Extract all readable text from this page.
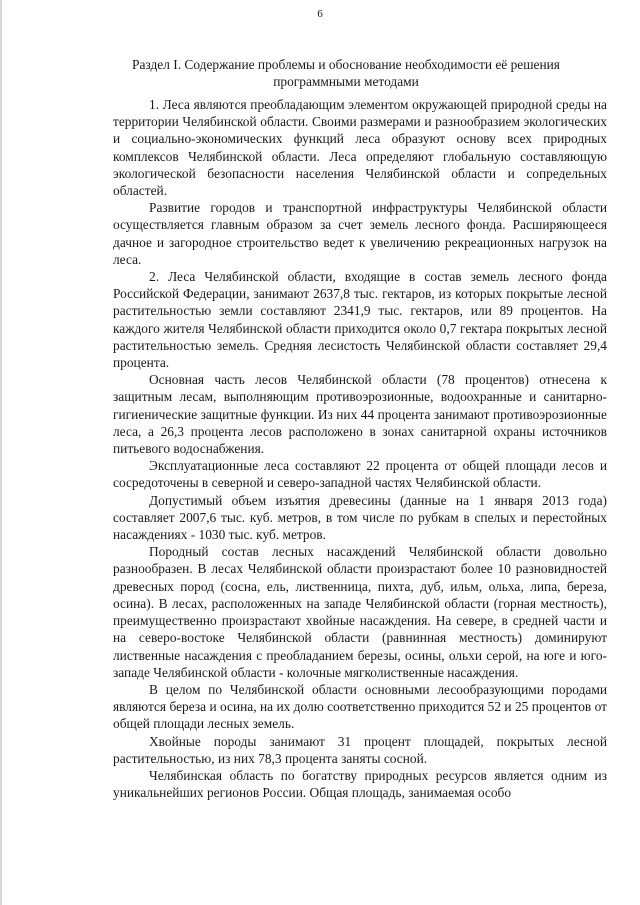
6
Раздел I. Содержание проблемы и обоснование необходимости её решения программными методами

1. Леса являются преобладающим элементом окружающей природной среды на территории Челябинской области. Своими размерами и разнообразием экологических и социально-экономических функций леса образуют основу всех природных комплексов Челябинской области. Леса определяют глобальную составляющую экологической безопасности населения Челябинской области и сопредельных областей.

Развитие городов и транспортной инфраструктуры Челябинской области осуществляется главным образом за счет земель лесного фонда. Расширяющееся дачное и загородное строительство ведет к увеличению рекреационных нагрузок на леса.

2. Леса Челябинской области, входящие в состав земель лесного фонда Российской Федерации, занимают 2637,8 тыс. гектаров, из которых покрытые лесной растительностью земли составляют 2341,9 тыс. гектаров, или 89 процентов. На каждого жителя Челябинской области приходится около 0,7 гектара покрытых лесной растительностью земель. Средняя лесистость Челябинской области составляет 29,4 процента.

Основная часть лесов Челябинской области (78 процентов) отнесена к защитным лесам, выполняющим противоэрозионные, водоохранные и санитарно-гигиенические защитные функции. Из них 44 процента занимают противоэрозионные леса, а 26,3 процента лесов расположено в зонах санитарной охраны источников питьевого водоснабжения.

Эксплуатационные леса составляют 22 процента от общей площади лесов и сосредоточены в северной и северо-западной частях Челябинской области.

Допустимый объем изъятия древесины (данные на 1 января 2013 года) составляет 2007,6 тыс. куб. метров, в том числе по рубкам в спелых и перестойных насаждениях - 1030 тыс. куб. метров.

Породный состав лесных насаждений Челябинской области довольно разнообразен. В лесах Челябинской области произрастают более 10 разновидностей древесных пород (сосна, ель, лиственница, пихта, дуб, ильм, ольха, липа, береза, осина). В лесах, расположенных на западе Челябинской области (горная местность), преимущественно произрастают хвойные насаждения. На севере, в средней части и на северо-востоке Челябинской области (равнинная местность) доминируют лиственные насаждения с преобладанием березы, осины, ольхи серой, на юге и юго-западе Челябинской области - колочные мягколиственные насаждения.

В целом по Челябинской области основными лесообразующими породами являются береза и осина, на их долю соответственно приходится 52 и 25 процентов от общей площади лесных земель.

Хвойные породы занимают 31 процент площадей, покрытых лесной растительностью, из них 78,3 процента заняты сосной.

Челябинская область по богатству природных ресурсов является одним из уникальнейших регионов России. Общая площадь, занимаемая особо
